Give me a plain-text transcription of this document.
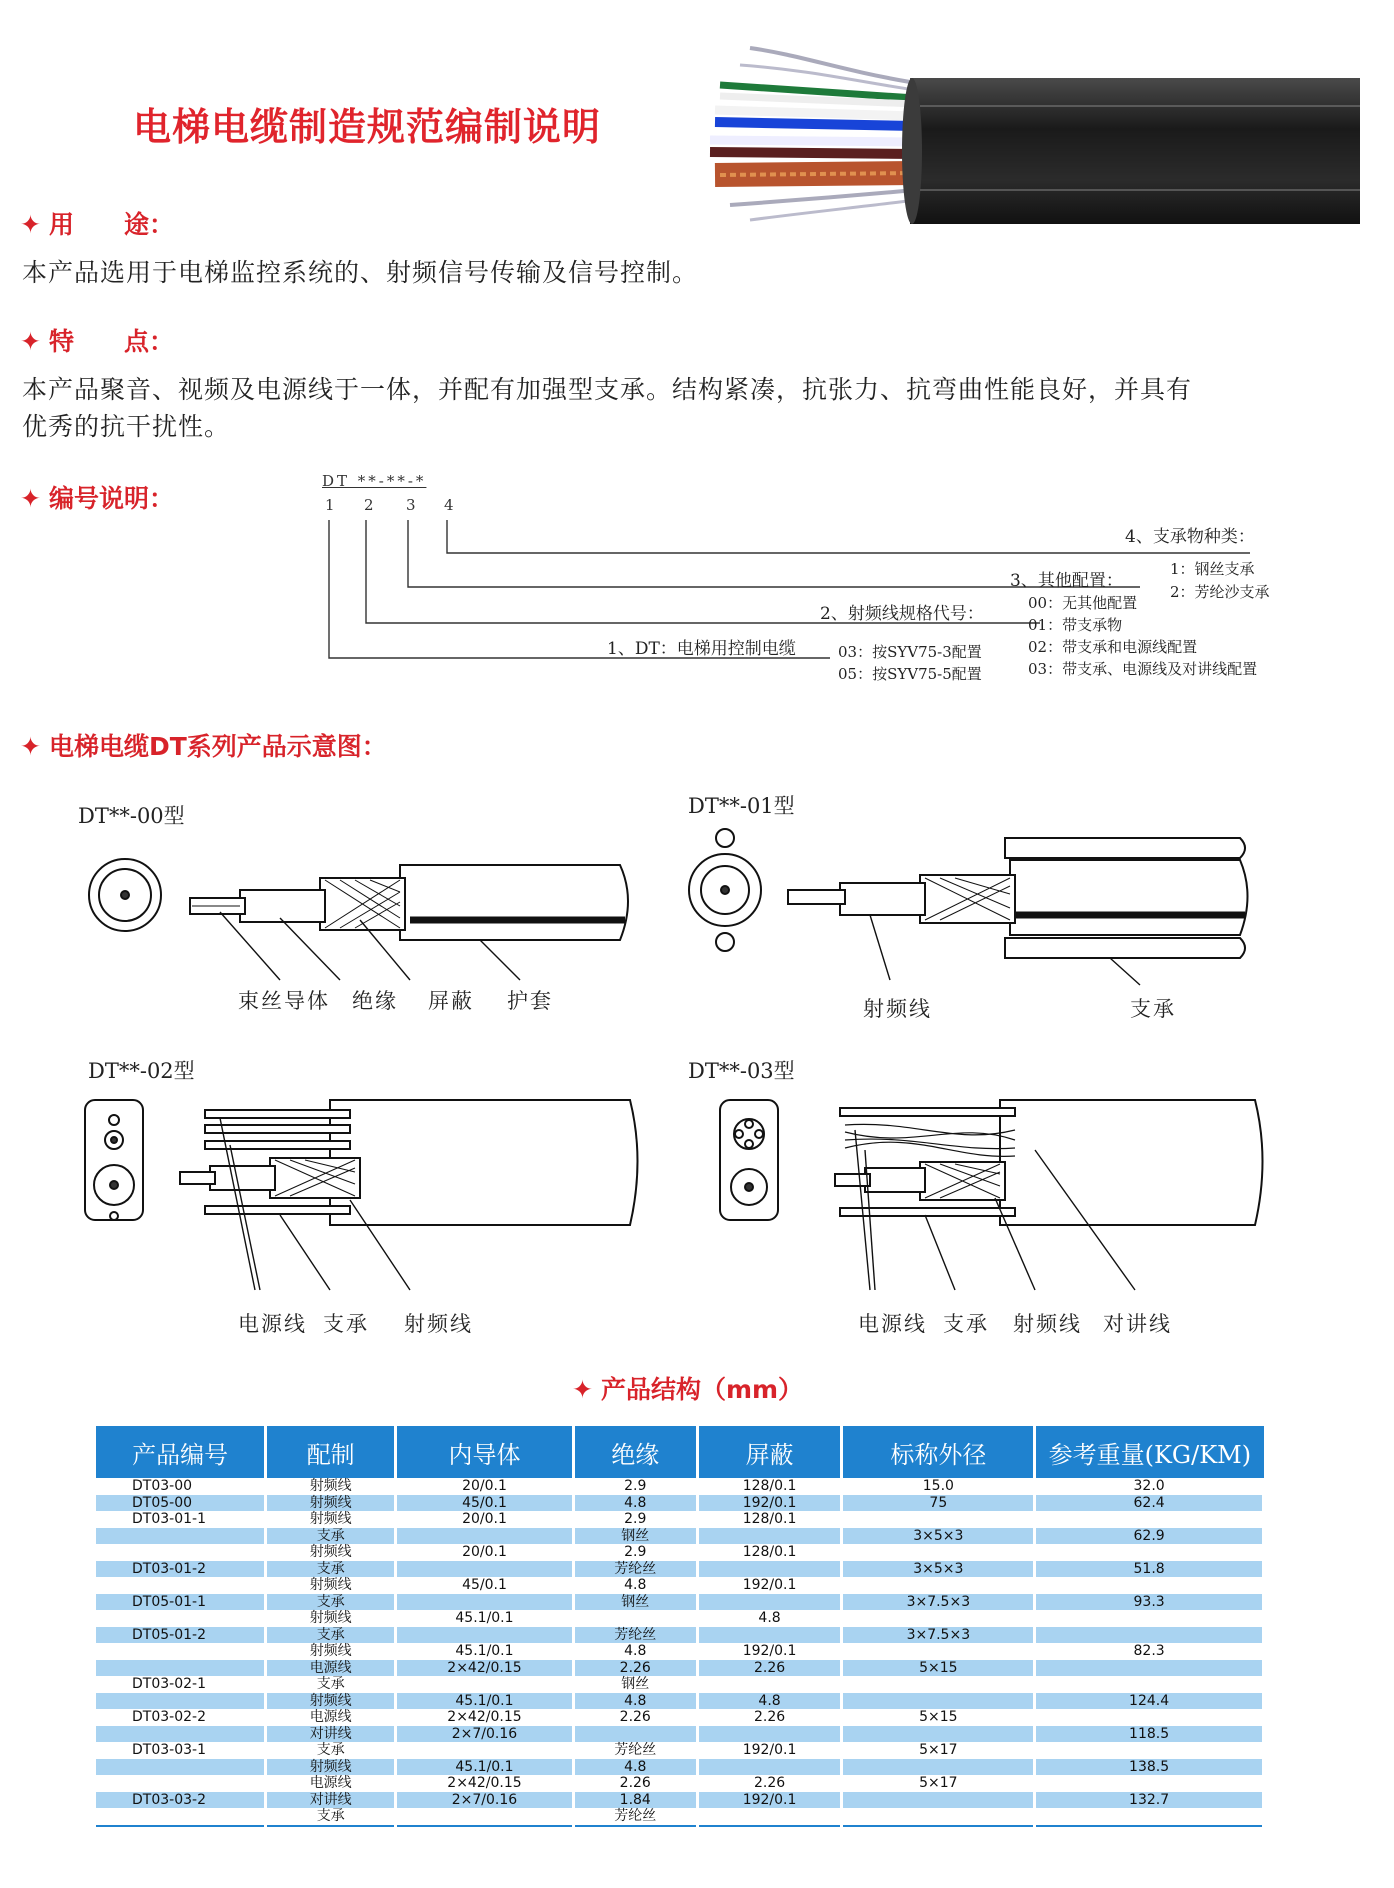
电梯电缆制造规范编制说明
✦ 用　　途：
本产品选用于电梯监控系统的、射频信号传输及信号控制。
✦ 特　　点：
本产品聚音、视频及电源线于一体，并配有加强型支承。结构紧凑，抗张力、抗弯曲性能良好，并具有
优秀的抗干扰性。
✦ 编号说明：
DT **-**-*
1 2 3 4
4、支承物种类：
1：钢丝支承
2：芳纶沙支承
3、其他配置：
00：无其他配置
01：带支承物
02：带支承和电源线配置
03：带支承、电源线及对讲线配置
2、射频线规格代号：
03：按SYV75-3配置
05：按SYV75-5配置
1、DT：电梯用控制电缆
✦ 电梯电缆DT系列产品示意图：
DT**-00型
束丝导体 绝缘 屏蔽 护套
DT**-01型
射频线	支承
DT**-02型
电源线 支承 射频线
DT**-03型
电源线 支承 射频线 对讲线
✦ 产品结构（mm）
产品编号	配制	内导体	绝缘	屏蔽	标称外径	参考重量(KG/KM)
DT03-00	射频线	20/0.1	2.9	128/0.1	15.0	32.0
DT05-00	射频线	45/0.1	4.8	192/0.1	75	62.4
DT03-01-1	射频线	20/0.1	2.9	128/0.1		
	支承		钢丝		3×5×3	62.9
	射频线	20/0.1	2.9	128/0.1		
DT03-01-2	支承		芳纶丝		3×5×3	51.8
	射频线	45/0.1	4.8	192/0.1		
DT05-01-1	支承		钢丝		3×7.5×3	93.3
	射频线	45.1/0.1		4.8		
DT05-01-2	支承		芳纶丝		3×7.5×3	
	射频线	45.1/0.1	4.8	192/0.1		82.3
	电源线	2×42/0.15	2.26	2.26	5×15	
DT03-02-1	支承		钢丝			
	射频线	45.1/0.1	4.8	4.8		124.4
DT03-02-2	电源线	2×42/0.15	2.26	2.26	5×15	
	对讲线	2×7/0.16				118.5
DT03-03-1	支承		芳纶丝	192/0.1	5×17	
	射频线	45.1/0.1	4.8			138.5
	电源线	2×42/0.15	2.26	2.26	5×17	
DT03-03-2	对讲线	2×7/0.16	1.84	192/0.1		132.7
	支承		芳纶丝			
